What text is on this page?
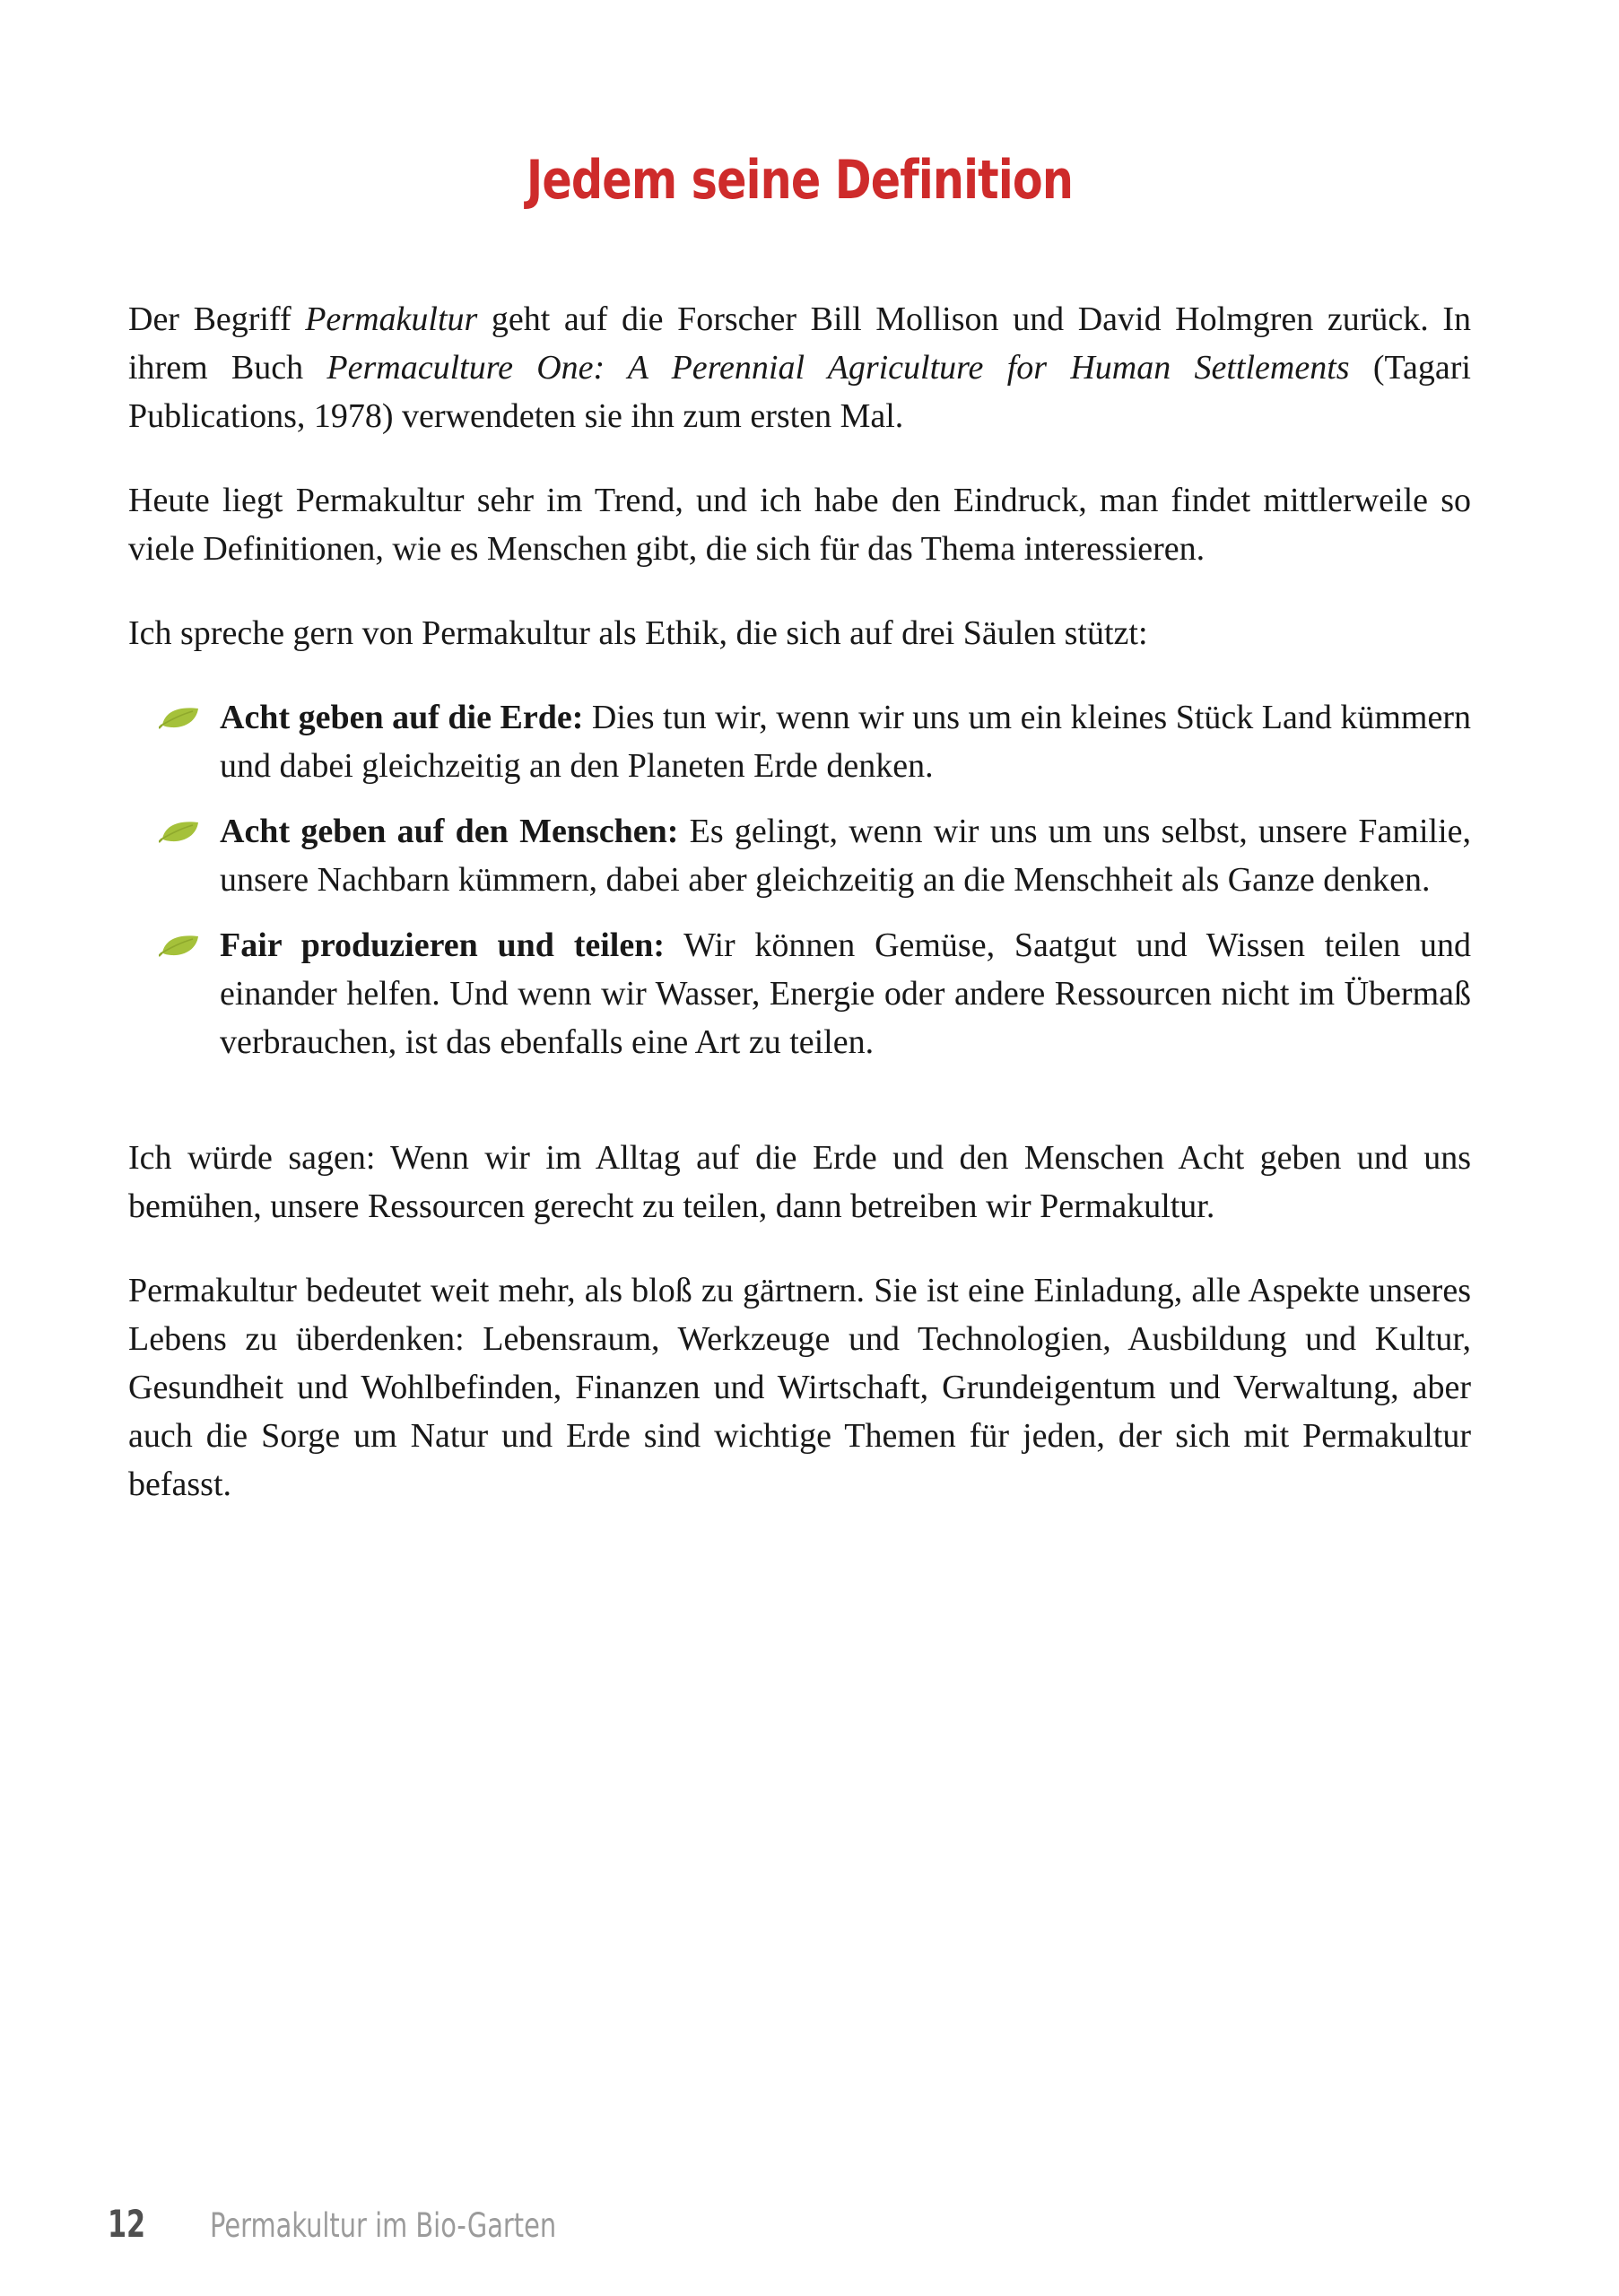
Jedem seine Definition

Der Begriff Permakultur geht auf die Forscher Bill Mollison und David Holmgren zurück. In ihrem Buch Permaculture One: A Perennial Agriculture for Human Settlements (Tagari Publications, 1978) verwendeten sie ihn zum ersten Mal.

Heute liegt Permakultur sehr im Trend, und ich habe den Eindruck, man findet mittlerweile so viele Definitionen, wie es Menschen gibt, die sich für das Thema interessieren.

Ich spreche gern von Permakultur als Ethik, die sich auf drei Säulen stützt:

Acht geben auf die Erde: Dies tun wir, wenn wir uns um ein kleines Stück Land kümmern und dabei gleichzeitig an den Planeten Erde denken.
Acht geben auf den Menschen: Es gelingt, wenn wir uns um uns selbst, unsere Familie, unsere Nachbarn kümmern, dabei aber gleichzeitig an die Menschheit als Ganze denken.
Fair produzieren und teilen: Wir können Gemüse, Saatgut und Wissen teilen und einander helfen. Und wenn wir Wasser, Energie oder andere Ressourcen nicht im Übermaß verbrauchen, ist das ebenfalls eine Art zu teilen.

Ich würde sagen: Wenn wir im Alltag auf die Erde und den Menschen Acht geben und uns bemühen, unsere Ressourcen gerecht zu teilen, dann betreiben wir Permakultur.

Permakultur bedeutet weit mehr, als bloß zu gärtnern. Sie ist eine Einladung, alle Aspekte unseres Lebens zu überdenken: Lebensraum, Werkzeuge und Technologien, Ausbildung und Kultur, Gesundheit und Wohlbefinden, Finanzen und Wirtschaft, Grundeigentum und Verwaltung, aber auch die Sorge um Natur und Erde sind wichtige Themen für jeden, der sich mit Permakultur befasst.

12 Permakultur im Bio-Garten
